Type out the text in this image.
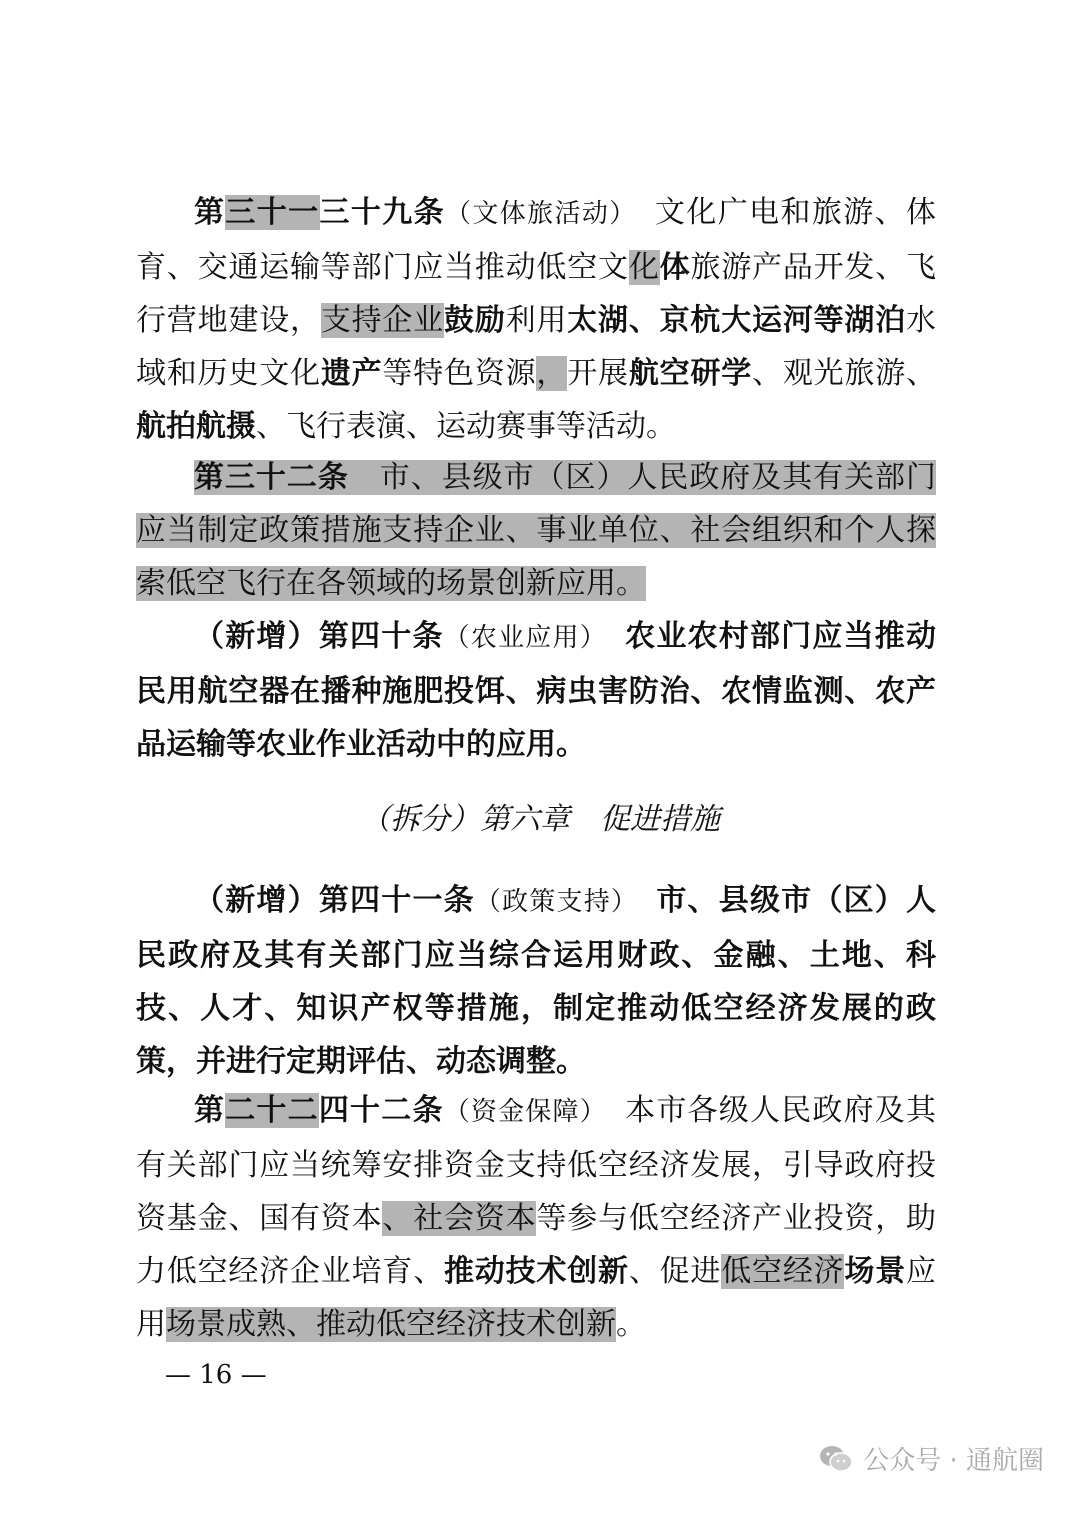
第三十一三十九条（文体旅活动）　文化广电和旅游、体育、交通运输等部门应当推动低空文化体旅游产品开发、飞行营地建设，支持企业鼓励利用太湖、京杭大运河等湖泊水域和历史文化遗产等特色资源，开展航空研学、观光旅游、航拍航摄、飞行表演、运动赛事等活动。

第三十二条　市、县级市（区）人民政府及其有关部门应当制定政策措施支持企业、事业单位、社会组织和个人探索低空飞行在各领域的场景创新应用。

（新增）第四十条（农业应用）　农业农村部门应当推动民用航空器在播种施肥投饵、病虫害防治、农情监测、农产品运输等农业作业活动中的应用。

（拆分）第六章 促进措施

（新增）第四十一条（政策支持）　市、县级市（区）人民政府及其有关部门应当综合运用财政、金融、土地、科技、人才、知识产权等措施，制定推动低空经济发展的政策，并进行定期评估、动态调整。

第二十二四十二条（资金保障）　本市各级人民政府及其有关部门应当统筹安排资金支持低空经济发展，引导政府投资基金、国有资本、社会资本等参与低空经济产业投资，助力低空经济企业培育、推动技术创新、促进低空经济场景应用场景成熟、推动低空经济技术创新。

— 16 —
公众号 · 通航圈
